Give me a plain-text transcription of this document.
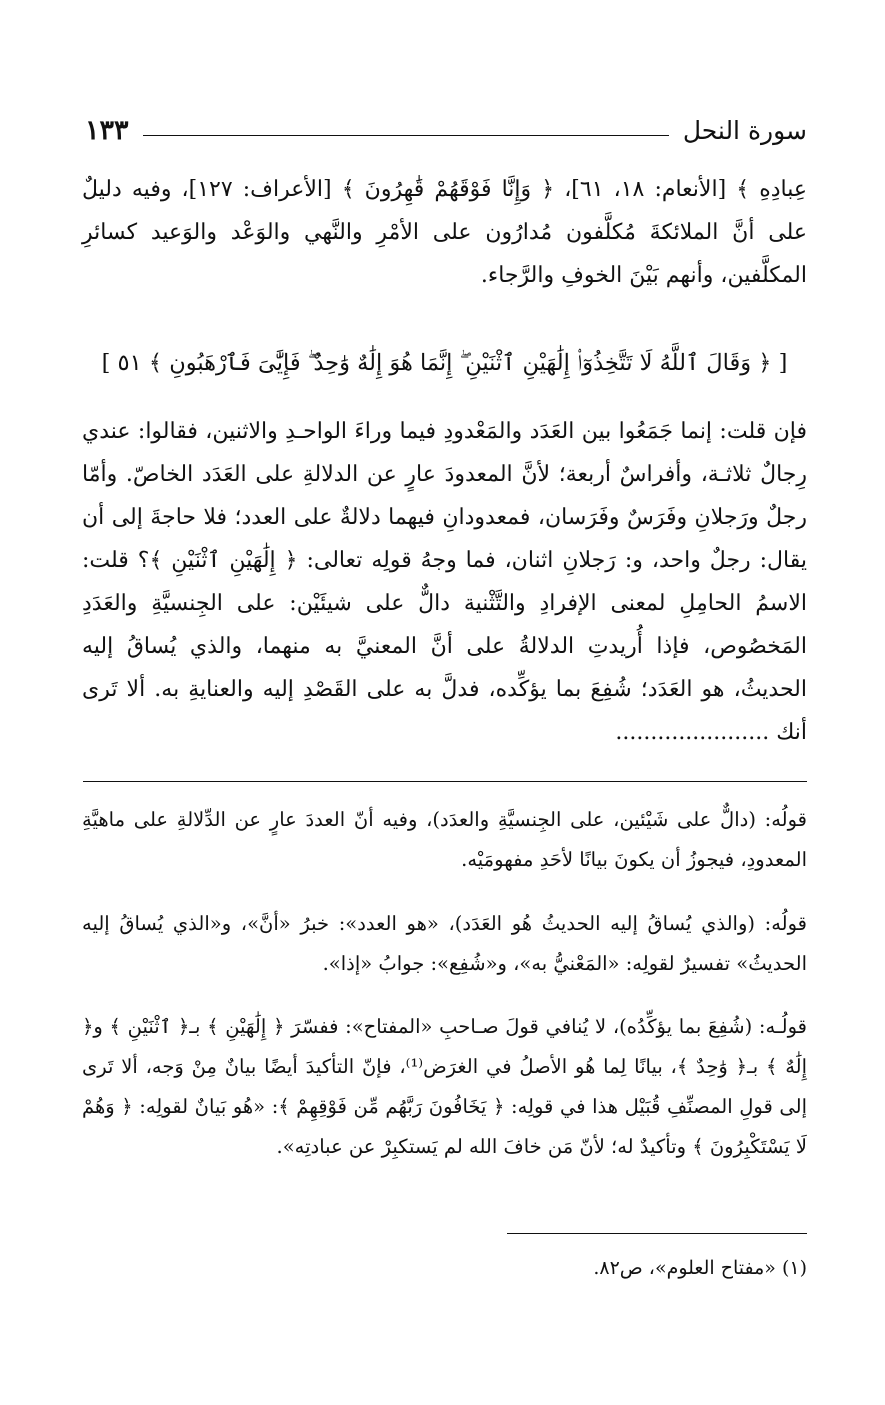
سورة النحل
١٣٣

عِبادِهِ ﴾ [الأنعام: ١٨، ٦١]، ﴿ وَإِنَّا فَوْقَهُمْ قَٰهِرُونَ ﴾ [الأعراف: ١٢٧]، وفيه دليلٌ على أنَّ الملائكةَ مُكلَّفون مُدارُون على الأمْرِ والنَّهي والوَعْد والوَعيد كسائرِ المكلَّفين، وأنهم بَيْنَ الخوفِ والرَّجاء.

[ ﴿ وَقَالَ ٱللَّهُ لَا تَتَّخِذُوٓا۟ إِلَٰهَيْنِ ٱثْنَيْنِ ۖ إِنَّمَا هُوَ إِلَٰهٌ وَٰحِدٌ ۖ فَإِيَّٰىَ فَٱرْهَبُونِ ﴾ ٥١ ]

فإن قلت: إنما جَمَعُوا بين العَدَد والمَعْدودِ فيما وراءَ الواحـدِ والاثنين، فقالوا: عندي رِجالٌ ثلاثـة، وأفراسٌ أربعة؛ لأنَّ المعدودَ عارٍ عن الدلالةِ على العَدَد الخاصّ. وأمّا رجلٌ ورَجلانِ وفَرَسٌ وفَرَسان، فمعدودانِ فيهما دلالةٌ على العدد؛ فلا حاجةَ إلى أن يقال: رجلٌ واحد، و: رَجلانِ اثنان، فما وجهُ قولِه تعالى: ﴿ إِلَٰهَيْنِ ٱثْنَيْنِ ﴾؟ قلت: الاسمُ الحامِلِ لمعنى الإفرادِ والتَّثْنية دالٌّ على شيئَيْن: على الجِنسيَّةِ والعَدَدِ المَخصُوص، فإذا أُريدتِ الدلالةُ على أنَّ المعنيَّ به منهما، والذي يُساقُ إليه الحديثُ، هو العَدَد؛ شُفِعَ بما يؤكِّده، فدلَّ به على القَصْدِ إليه والعنايةِ به. ألا تَرى أنك ......................

قولُه: (دالٌّ على شَيْئين، على الجِنسيَّةِ والعدَد)، وفيه أنّ العددَ عارٍ عن الدِّلالةِ على ماهيَّةِ المعدودِ، فيجوزُ أن يكونَ بيانًا لأحَدِ مفهومَيْه.

قولُه: (والذي يُساقُ إليه الحديثُ هُو العَدَد)، «هو العدد»: خبرُ «أنَّ»، و«الذي يُساقُ إليه الحديثُ» تفسيرٌ لقولِه: «المَعْنيُّ به»، و«شُفِع»: جوابُ «إذا».

قولُـه: (شُفِعَ بما يؤكِّدُه)، لا يُنافي قولَ صـاحبِ «المفتاح»: ففسّرَ ﴿ إِلَٰهَيْنِ ﴾ بـ﴿ ٱثْنَيْنِ ﴾ و﴿ إِلَٰهٌ ﴾ بـ﴿ وَٰحِدٌ ﴾، بيانًا لِما هُو الأصلُ في الغرَض⁽¹⁾، فإنّ التأكيدَ أيضًا بيانٌ مِنْ وَجه، ألا تَرى إلى قولِ المصنِّفِ قُبَيْل هذا في قولِه: ﴿ يَخَافُونَ رَبَّهُم مِّن فَوْقِهِمْ ﴾: «هُو بَيانٌ لقولِه: ﴿ وَهُمْ لَا يَسْتَكْبِرُونَ ﴾ وتأكيدٌ له؛ لأنّ مَن خافَ الله لم يَستكبِرْ عن عبادتِه».

(١) «مفتاح العلوم»، ص٨٢.
